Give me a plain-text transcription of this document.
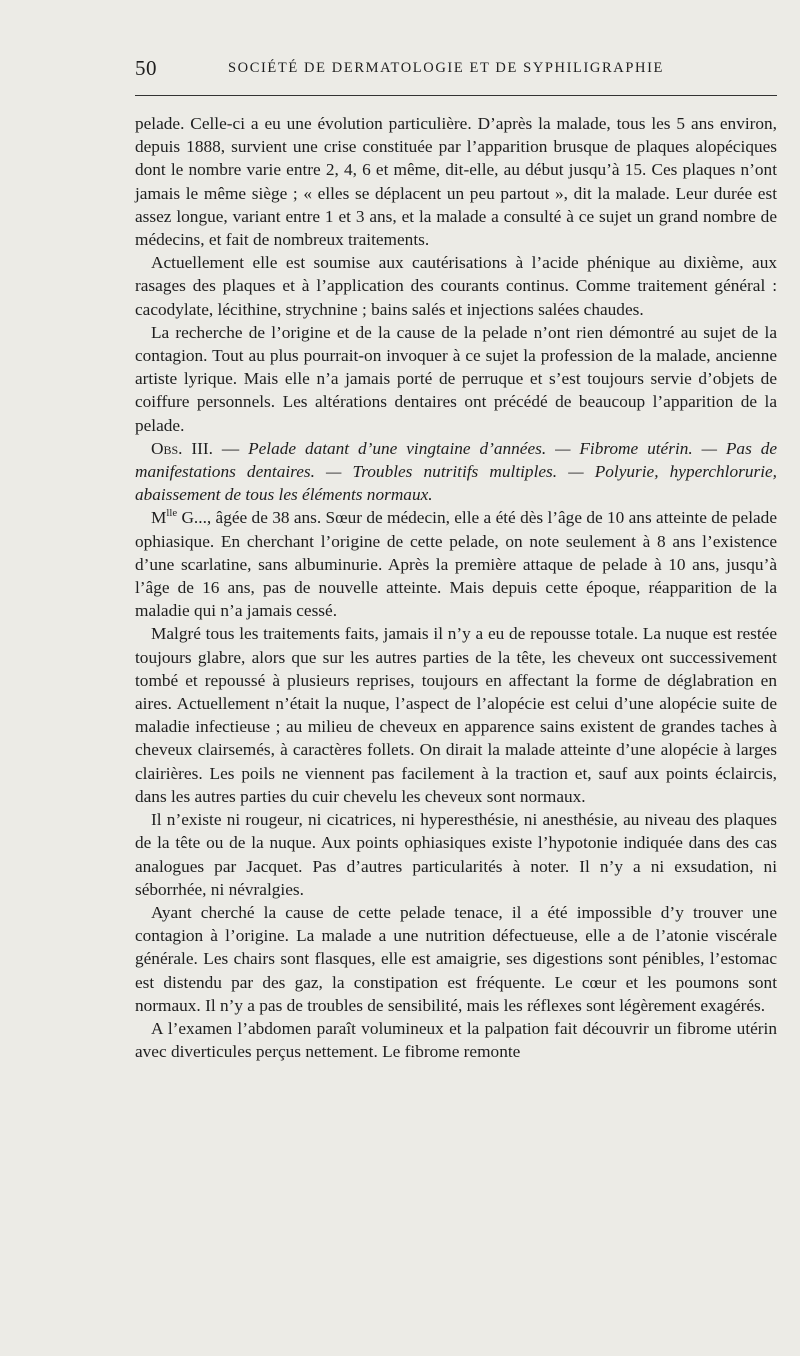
50	SOCIÉTÉ DE DERMATOLOGIE ET DE SYPHILIGRAPHIE

pelade. Celle-ci a eu une évolution particulière. D’après la malade, tous les 5 ans environ, depuis 1888, survient une crise constituée par l’apparition brusque de plaques alopéciques dont le nombre varie entre 2, 4, 6 et même, dit-elle, au début jusqu’à 15. Ces plaques n’ont jamais le même siège ; « elles se déplacent un peu partout », dit la malade. Leur durée est assez longue, variant entre 1 et 3 ans, et la malade a consulté à ce sujet un grand nombre de médecins, et fait de nombreux traitements.

Actuellement elle est soumise aux cautérisations à l’acide phénique au dixième, aux rasages des plaques et à l’application des courants continus. Comme traitement général : cacodylate, lécithine, strychnine ; bains salés et injections salées chaudes.

La recherche de l’origine et de la cause de la pelade n’ont rien démontré au sujet de la contagion. Tout au plus pourrait-on invoquer à ce sujet la profession de la malade, ancienne artiste lyrique. Mais elle n’a jamais porté de perruque et s’est toujours servie d’objets de coiffure personnels. Les altérations dentaires ont précédé de beaucoup l’apparition de la pelade.

Obs. III. — Pelade datant d’une vingtaine d’années. — Fibrome utérin. — Pas de manifestations dentaires. — Troubles nutritifs multiples. — Polyurie, hyperchlorurie, abaissement de tous les éléments normaux.

$M^{lle}$ G..., âgée de 38 ans. Sœur de médecin, elle a été dès l’âge de 10 ans atteinte de pelade ophiasique. En cherchant l’origine de cette pelade, on note seulement à 8 ans l’existence d’une scarlatine, sans albuminurie. Après la première attaque de pelade à 10 ans, jusqu’à l’âge de 16 ans, pas de nouvelle atteinte. Mais depuis cette époque, réapparition de la maladie qui n’a jamais cessé.

Malgré tous les traitements faits, jamais il n’y a eu de repousse totale. La nuque est restée toujours glabre, alors que sur les autres parties de la tête, les cheveux ont successivement tombé et repoussé à plusieurs reprises, toujours en affectant la forme de déglabration en aires. Actuellement n’était la nuque, l’aspect de l’alopécie est celui d’une alopécie suite de maladie infectieuse ; au milieu de cheveux en apparence sains existent de grandes taches à cheveux clairsemés, à caractères follets. On dirait la malade atteinte d’une alopécie à larges clairières. Les poils ne viennent pas facilement à la traction et, sauf aux points éclaircis, dans les autres parties du cuir chevelu les cheveux sont normaux.

Il n’existe ni rougeur, ni cicatrices, ni hyperesthésie, ni anesthésie, au niveau des plaques de la tête ou de la nuque. Aux points ophiasiques existe l’hypotonie indiquée dans des cas analogues par Jacquet. Pas d’autres particularités à noter. Il n’y a ni exsudation, ni séborrhée, ni névralgies.

Ayant cherché la cause de cette pelade tenace, il a été impossible d’y trouver une contagion à l’origine. La malade a une nutrition défectueuse, elle a de l’atonie viscérale générale. Les chairs sont flasques, elle est amaigrie, ses digestions sont pénibles, l’estomac est distendu par des gaz, la constipation est fréquente. Le cœur et les poumons sont normaux. Il n’y a pas de troubles de sensibilité, mais les réflexes sont légèrement exagérés.

A l’examen l’abdomen paraît volumineux et la palpation fait découvrir un fibrome utérin avec diverticules perçus nettement. Le fibrome remonte
